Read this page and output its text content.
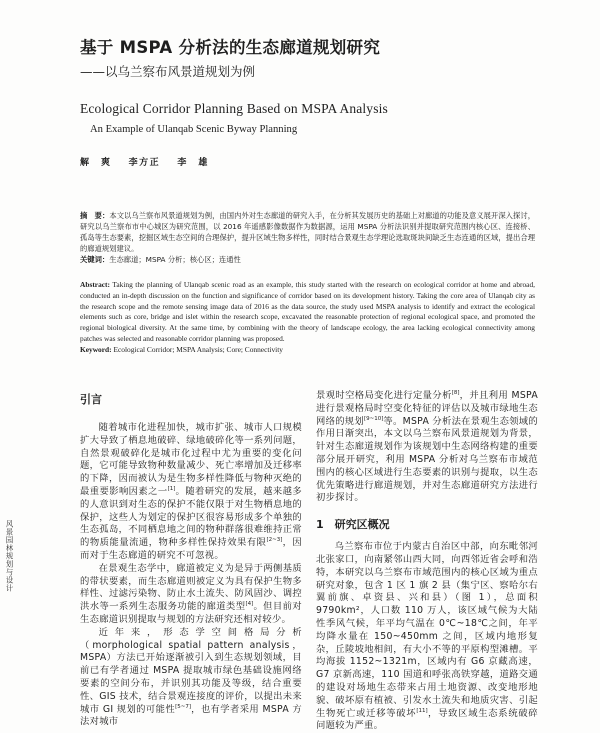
基于 MSPA 分析法的生态廊道规划研究
——以乌兰察布风景道规划为例
Ecological Corridor Planning Based on MSPA Analysis
An Example of Ulanqab Scenic Byway Planning
解　爽 李方正 李　雄
摘　要：本文以乌兰察布风景道规划为例，由国内外对生态廊道的研究入手，在分析其发展历史的基础上对廊道的功能及意义展开深入探讨，研究以乌兰察布市中心城区为研究范围，以 2016 年遥感影像数据作为数据源，运用 MSPA 分析法识别并提取研究范围内核心区、连接桥、孤岛等生态要素，挖掘区域生态空间的合理保护，提升区域生物多样性，同时结合景观生态学理论选取斑块间缺乏生态连通的区域，提出合理的廊道规划建议。
关键词：生态廊道；MSPA 分析；核心区；连通性
Abstract: Taking the planning of Ulanqab scenic road as an example, this study started with the research on ecological corridor at home and abroad, conducted an in-depth discussion on the function and significance of corridor based on its development history. Taking the core area of Ulanqab city as the research scope and the remote sensing image data of 2016 as the data source, the study used MSPA analysis to identify and extract the ecological elements such as core, bridge and islet within the research scope, excavated the reasonable protection of regional ecological space, and promoted the regional biological diversity. At the same time, by combining with the theory of landscape ecology, the area lacking ecological connectivity among patches was selected and reasonable corridor planning was proposed.
Keyword: Ecological Corridor; MSPA Analysis; Core; Connectivity
风景园林规划与设计
引言

随着城市化进程加快，城市扩张、城市人口规模扩大导致了栖息地破碎、绿地破碎化等一系列问题，自然景观破碎化是城市化过程中尤为重要的变化问题，它可能导致物种数量减少、死亡率增加及迁移率的下降，因而被认为是生物多样性降低与物种灭绝的最重要影响因素之一[1]。随着研究的发展，越来越多的人意识到对生态的保护不能仅限于对生物栖息地的保护，这些人为划定的保护区很容易形成多个单独的生态孤岛，不同栖息地之间的物种群落很难维持正常的物质能量流通，物种多样性保持效果有限[2~3]，因而对于生态廊道的研究不可忽视。

在景观生态学中，廊道被定义为是异于两侧基质的带状要素，而生态廊道则被定义为具有保护生物多样性、过滤污染物、防止水土流失、防风固沙、调控洪水等一系列生态服务功能的廊道类型[4]。但目前对生态廊道识别提取与规划的方法研究还相对较少。

近年来，形态学空间格局分析（morphological spatial pattern analysis，MSPA）方法已开始逐渐被引入到生态规划领域，目前已有学者通过 MSPA 提取城市绿色基础设施网络要素的空间分布，并识别其功能及等级，结合重要性、GIS 技术，结合景观连接度的评价，以提出未来城市 GI 规划的可能性[5~7]，也有学者采用 MSPA 方法对城市

景观时空格局变化进行定量分析[8]，并且利用 MSPA 进行景观格局时空变化特征的评估以及城市绿地生态网络的规划[9~10]等。MSPA 分析法在景观生态领域的作用日渐突出，本文以乌兰察布风景道规划为背景，针对生态廊道规划作为该规划中生态网络构建的重要部分展开研究，利用 MSPA 分析对乌兰察布市域范围内的核心区域进行生态要素的识别与提取，以生态优先策略进行廊道规划，并对生态廊道研究方法进行初步探讨。

1　研究区概况

乌兰察布市位于内蒙古自治区中部，向东毗邻河北张家口，向南紧邻山西大同，向西邻近省会呼和浩特，本研究以乌兰察布市域范围内的核心区域为重点研究对象，包含 1 区 1 旗 2 县（集宁区、察哈尔右翼前旗、卓资县、兴和县）（图 1），总面积 9790km²，人口数 110 万人，该区域气候为大陆性季风气候，年平均气温在 0℃~18℃之间，年平均降水量在 150~450mm 之间，区域内地形复杂，丘陵坡地相间，有大小不等的平原构型滩槽。平均海拔 1152~1321m，区域内有 G6 京藏高速，G7 京新高速，110 国道和呼张高铁穿越，道路交通的建设对场地生态带来占用土地资源、改变地形地貌、破坏原有植被、引发水土流失和地质灾害、引起生物死亡或迁移等破坏[11]，导致区域生态系统破碎问题较为严重。
